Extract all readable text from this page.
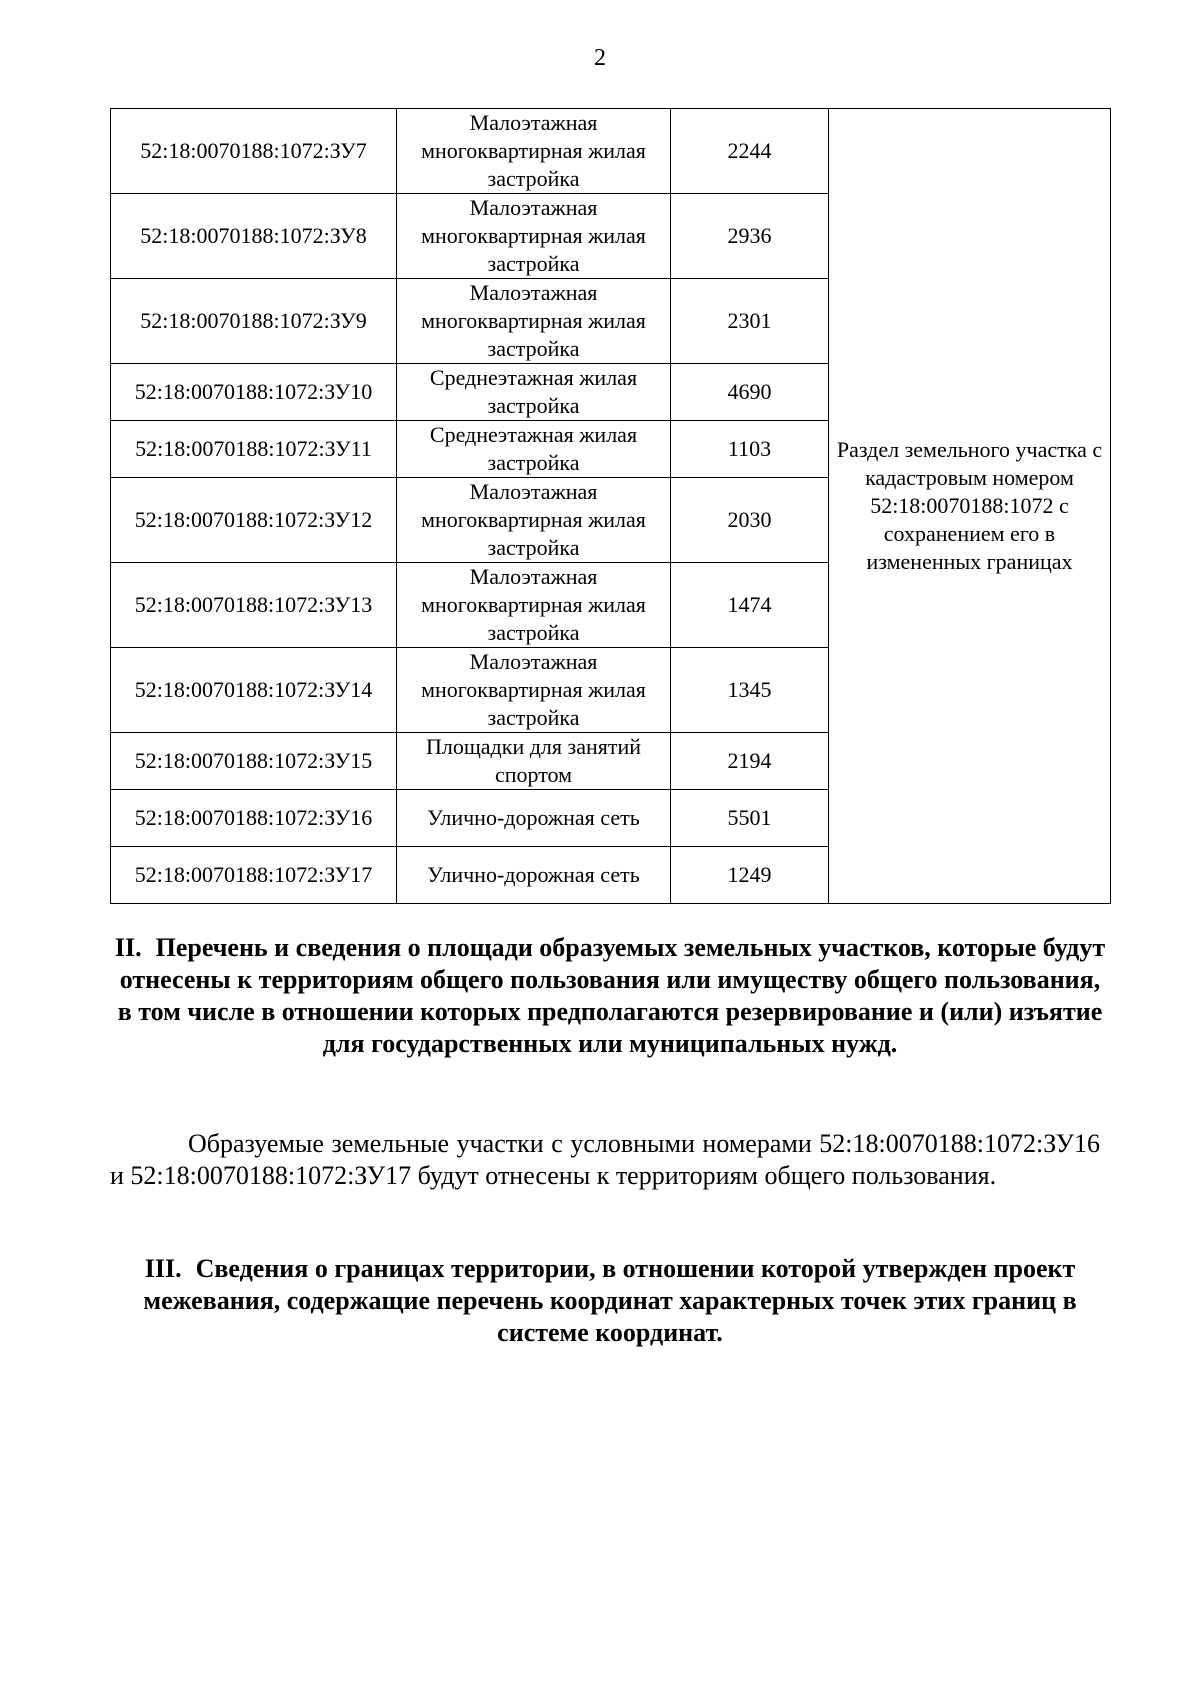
2
52:18:0070188:1072:ЗУ7	Малоэтажная многоквартирная жилая застройка	2244	Раздел земельного участка с кадастровым номером 52:18:0070188:1072 с сохранением его в измененных границах
52:18:0070188:1072:ЗУ8	Малоэтажная многоквартирная жилая застройка	2936	
52:18:0070188:1072:ЗУ9	Малоэтажная многоквартирная жилая застройка	2301	
52:18:0070188:1072:ЗУ10	Среднеэтажная жилая застройка	4690	
52:18:0070188:1072:ЗУ11	Среднеэтажная жилая застройка	1103	
52:18:0070188:1072:ЗУ12	Малоэтажная многоквартирная жилая застройка	2030	
52:18:0070188:1072:ЗУ13	Малоэтажная многоквартирная жилая застройка	1474	
52:18:0070188:1072:ЗУ14	Малоэтажная многоквартирная жилая застройка	1345	
52:18:0070188:1072:ЗУ15	Площадки для занятий спортом	2194	
52:18:0070188:1072:ЗУ16	Улично-дорожная сеть	5501	
52:18:0070188:1072:ЗУ17	Улично-дорожная сеть	1249	
II. Перечень и сведения о площади образуемых земельных участков, которые будут отнесены к территориям общего пользования или имуществу общего пользования, в том числе в отношении которых предполагаются резервирование и (или) изъятие для государственных или муниципальных нужд.
Образуемые земельные участки с условными номерами 52:18:0070188:1072:ЗУ16 и 52:18:0070188:1072:ЗУ17 будут отнесены к территориям общего пользования.
III. Сведения о границах территории, в отношении которой утвержден проект межевания, содержащие перечень координат характерных точек этих границ в системе координат.
